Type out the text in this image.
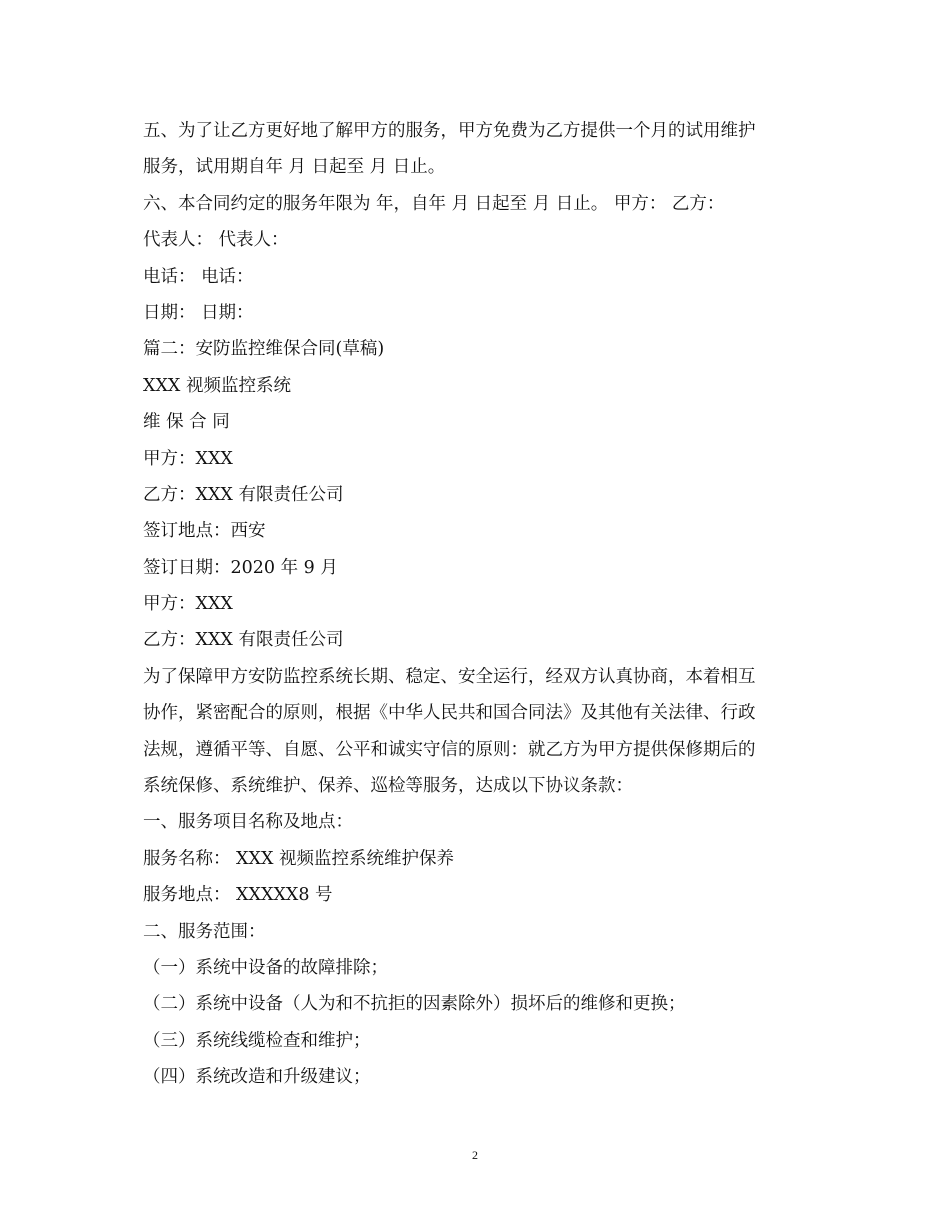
五、为了让乙方更好地了解甲方的服务，甲方免费为乙方提供一个月的试用维护
服务，试用期自年 月 日起至 月 日止。
六、本合同约定的服务年限为 年，自年 月 日起至 月 日止。 甲方： 乙方：
代表人： 代表人：
电话： 电话：
日期： 日期：
篇二：安防监控维保合同(草稿)
XXX 视频监控系统
维 保 合 同
甲方：XXX
乙方：XXX 有限责任公司
签订地点：西安
签订日期：2020 年 9 月
甲方：XXX
乙方：XXX 有限责任公司
为了保障甲方安防监控系统长期、稳定、安全运行，经双方认真协商，本着相互
协作，紧密配合的原则，根据《中华人民共和国合同法》及其他有关法律、行政
法规，遵循平等、自愿、公平和诚实守信的原则：就乙方为甲方提供保修期后的
系统保修、系统维护、保养、巡检等服务，达成以下协议条款：
一、服务项目名称及地点：
服务名称： XXX 视频监控系统维护保养
服务地点： XXXXX8 号
二、服务范围：
（一）系统中设备的故障排除；
（二）系统中设备（人为和不抗拒的因素除外）损坏后的维修和更换；
（三）系统线缆检查和维护；
（四）系统改造和升级建议；
2
